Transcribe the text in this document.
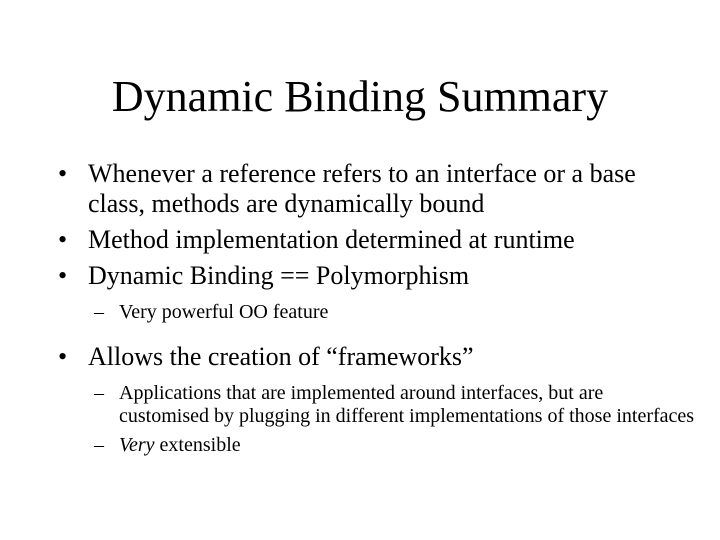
Dynamic Binding Summary
• Whenever a reference refers to an interface or a base class, methods are dynamically bound
• Method implementation determined at runtime
• Dynamic Binding == Polymorphism
– Very powerful OO feature
• Allows the creation of “frameworks”
– Applications that are implemented around interfaces, but are customised by plugging in different implementations of those interfaces
– Very extensible
